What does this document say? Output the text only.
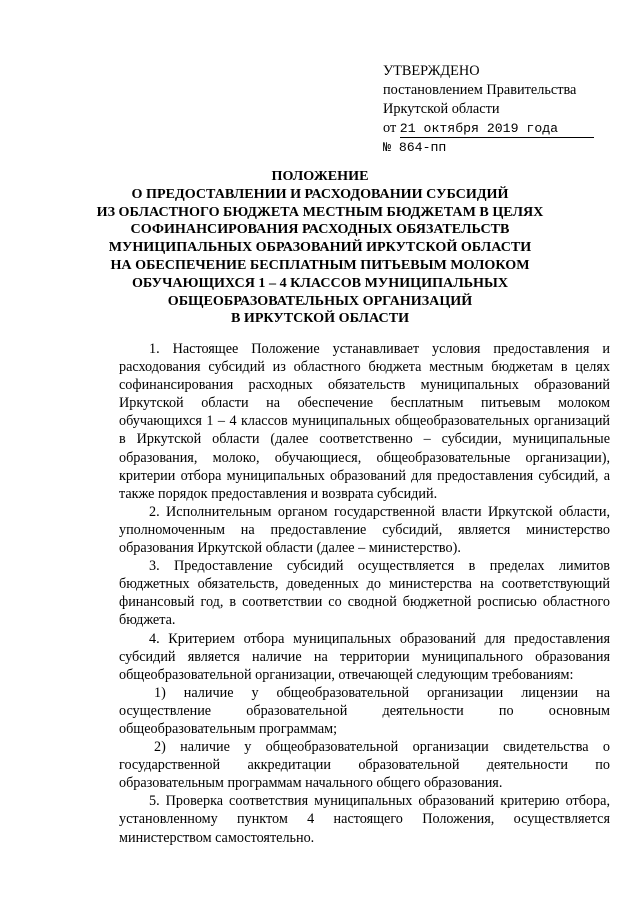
УТВЕРЖДЕНО
постановлением Правительства
Иркутской области
от 21 октября 2019 года
№ 864-пп
ПОЛОЖЕНИЕ
О ПРЕДОСТАВЛЕНИИ И РАСХОДОВАНИИ СУБСИДИЙ
ИЗ ОБЛАСТНОГО БЮДЖЕТА МЕСТНЫМ БЮДЖЕТАМ В ЦЕЛЯХ
СОФИНАНСИРОВАНИЯ РАСХОДНЫХ ОБЯЗАТЕЛЬСТВ
МУНИЦИПАЛЬНЫХ ОБРАЗОВАНИЙ ИРКУТСКОЙ ОБЛАСТИ
НА ОБЕСПЕЧЕНИЕ БЕСПЛАТНЫМ ПИТЬЕВЫМ МОЛОКОМ
ОБУЧАЮЩИХСЯ 1 – 4 КЛАССОВ МУНИЦИПАЛЬНЫХ
ОБЩЕОБРАЗОВАТЕЛЬНЫХ ОРГАНИЗАЦИЙ
В ИРКУТСКОЙ ОБЛАСТИ

1. Настоящее Положение устанавливает условия предоставления и расходования субсидий из областного бюджета местным бюджетам в целях софинансирования расходных обязательств муниципальных образований Иркутской области на обеспечение бесплатным питьевым молоком обучающихся 1 – 4 классов муниципальных общеобразовательных организаций в Иркутской области (далее соответственно – субсидии, муниципальные образования, молоко, обучающиеся, общеобразовательные организации), критерии отбора муниципальных образований для предоставления субсидий, а также порядок предоставления и возврата субсидий.

2. Исполнительным органом государственной власти Иркутской области, уполномоченным на предоставление субсидий, является министерство образования Иркутской области (далее – министерство).

3. Предоставление субсидий осуществляется в пределах лимитов бюджетных обязательств, доведенных до министерства на соответствующий финансовый год, в соответствии со сводной бюджетной росписью областного бюджета.

4. Критерием отбора муниципальных образований для предоставления субсидий является наличие на территории муниципального образования общеобразовательной организации, отвечающей следующим требованиям:

1) наличие у общеобразовательной организации лицензии на осуществление образовательной деятельности по основным общеобразовательным программам;

2) наличие у общеобразовательной организации свидетельства о государственной аккредитации образовательной деятельности по образовательным программам начального общего образования.

5. Проверка соответствия муниципальных образований критерию отбора, установленному пунктом 4 настоящего Положения, осуществляется министерством самостоятельно.
